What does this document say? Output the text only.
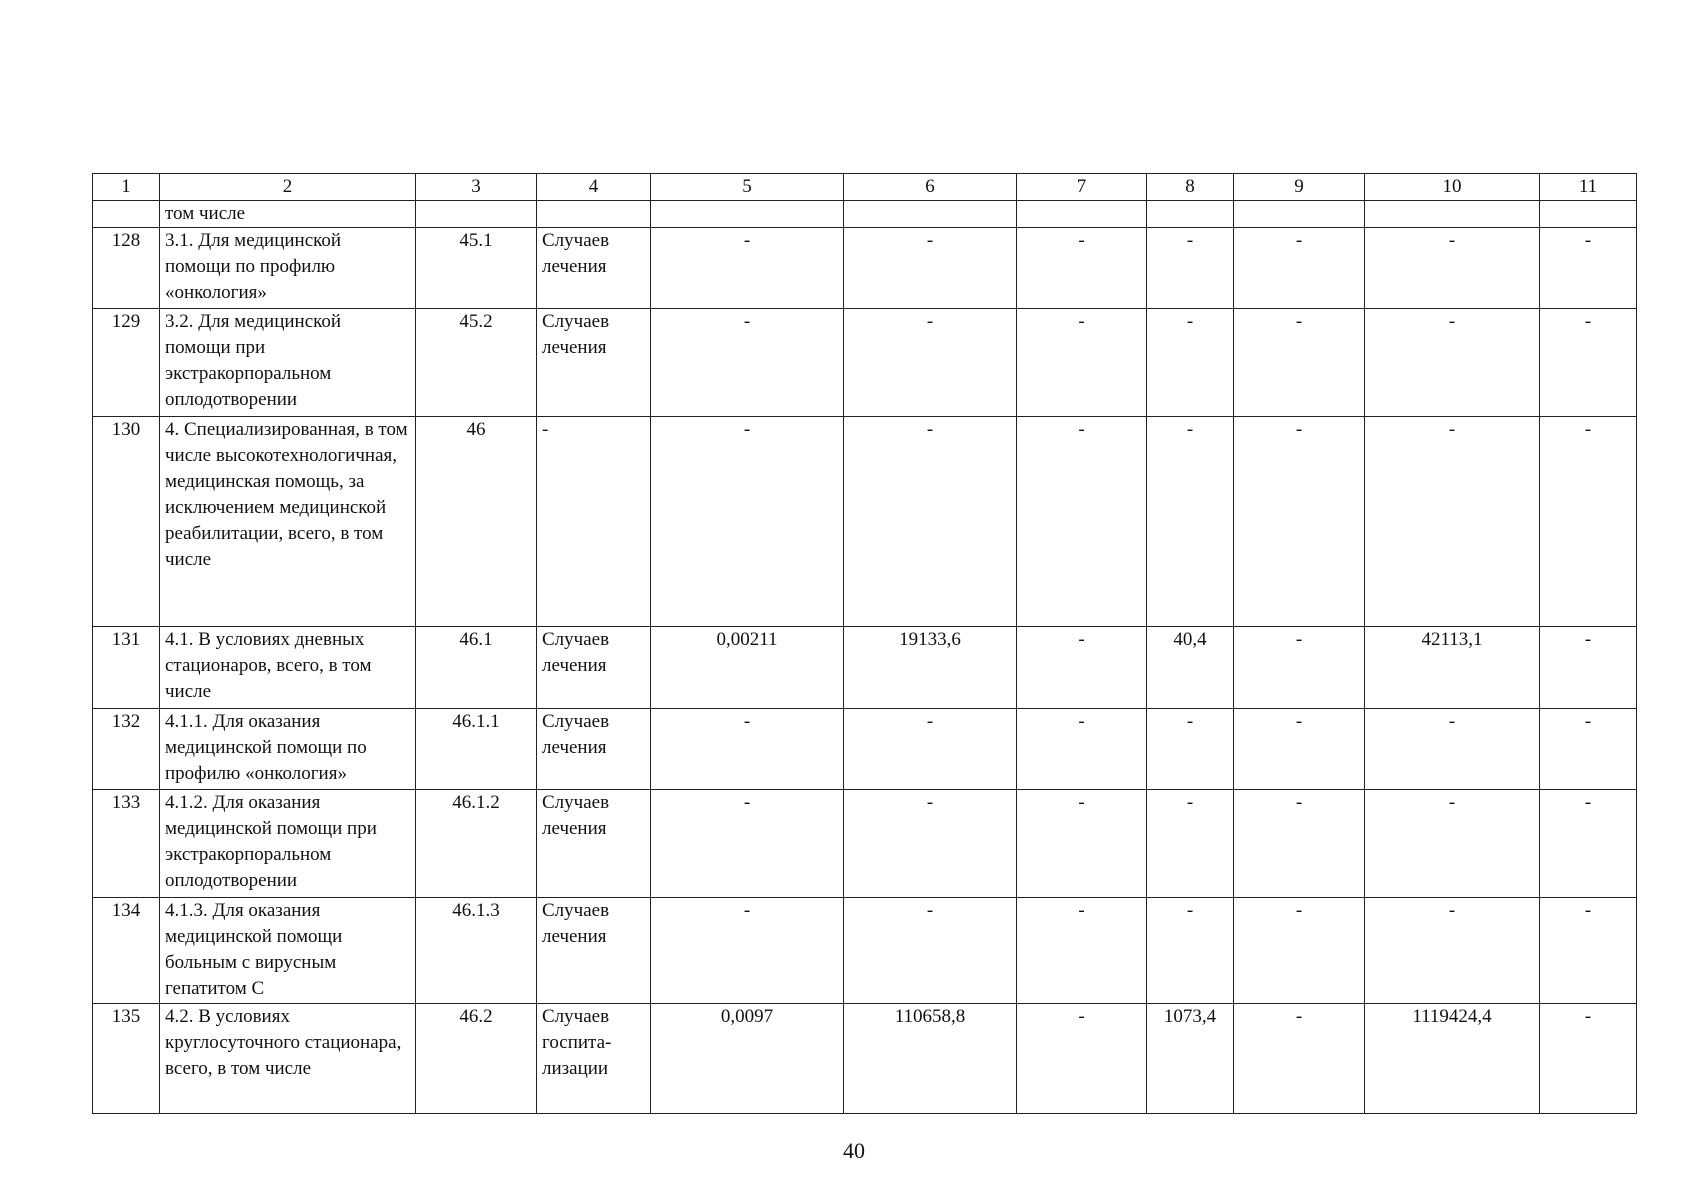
1	2	3	4	5	6	7	8	9	10	11
	том числе									
128	3.1. Для медицинской помощи по профилю «онкология»	45.1	Случаев лечения	-	-	-	-	-	-	-
129	3.2. Для медицинской помощи при экстракорпоральном оплодотворении	45.2	Случаев лечения	-	-	-	-	-	-	-
130	4. Специализированная, в том числе высокотехнологичная, медицинская помощь, за исключением медицинской реабилитации, всего, в том числе	46	-	-	-	-	-	-	-	-
131	4.1. В условиях дневных стационаров, всего, в том числе	46.1	Случаев лечения	0,00211	19133,6	-	40,4	-	42113,1	-
132	4.1.1. Для оказания медицинской помощи по профилю «онкология»	46.1.1	Случаев лечения	-	-	-	-	-	-	-
133	4.1.2. Для оказания медицинской помощи при экстракорпоральном оплодотворении	46.1.2	Случаев лечения	-	-	-	-	-	-	-
134	4.1.3. Для оказания медицинской помощи больным с вирусным гепатитом С	46.1.3	Случаев лечения	-	-	-	-	-	-	-
135	4.2. В условиях круглосуточного стационара, всего, в том числе	46.2	Случаев госпита-лизации	0,0097	110658,8	-	1073,4	-	1119424,4	-
40
